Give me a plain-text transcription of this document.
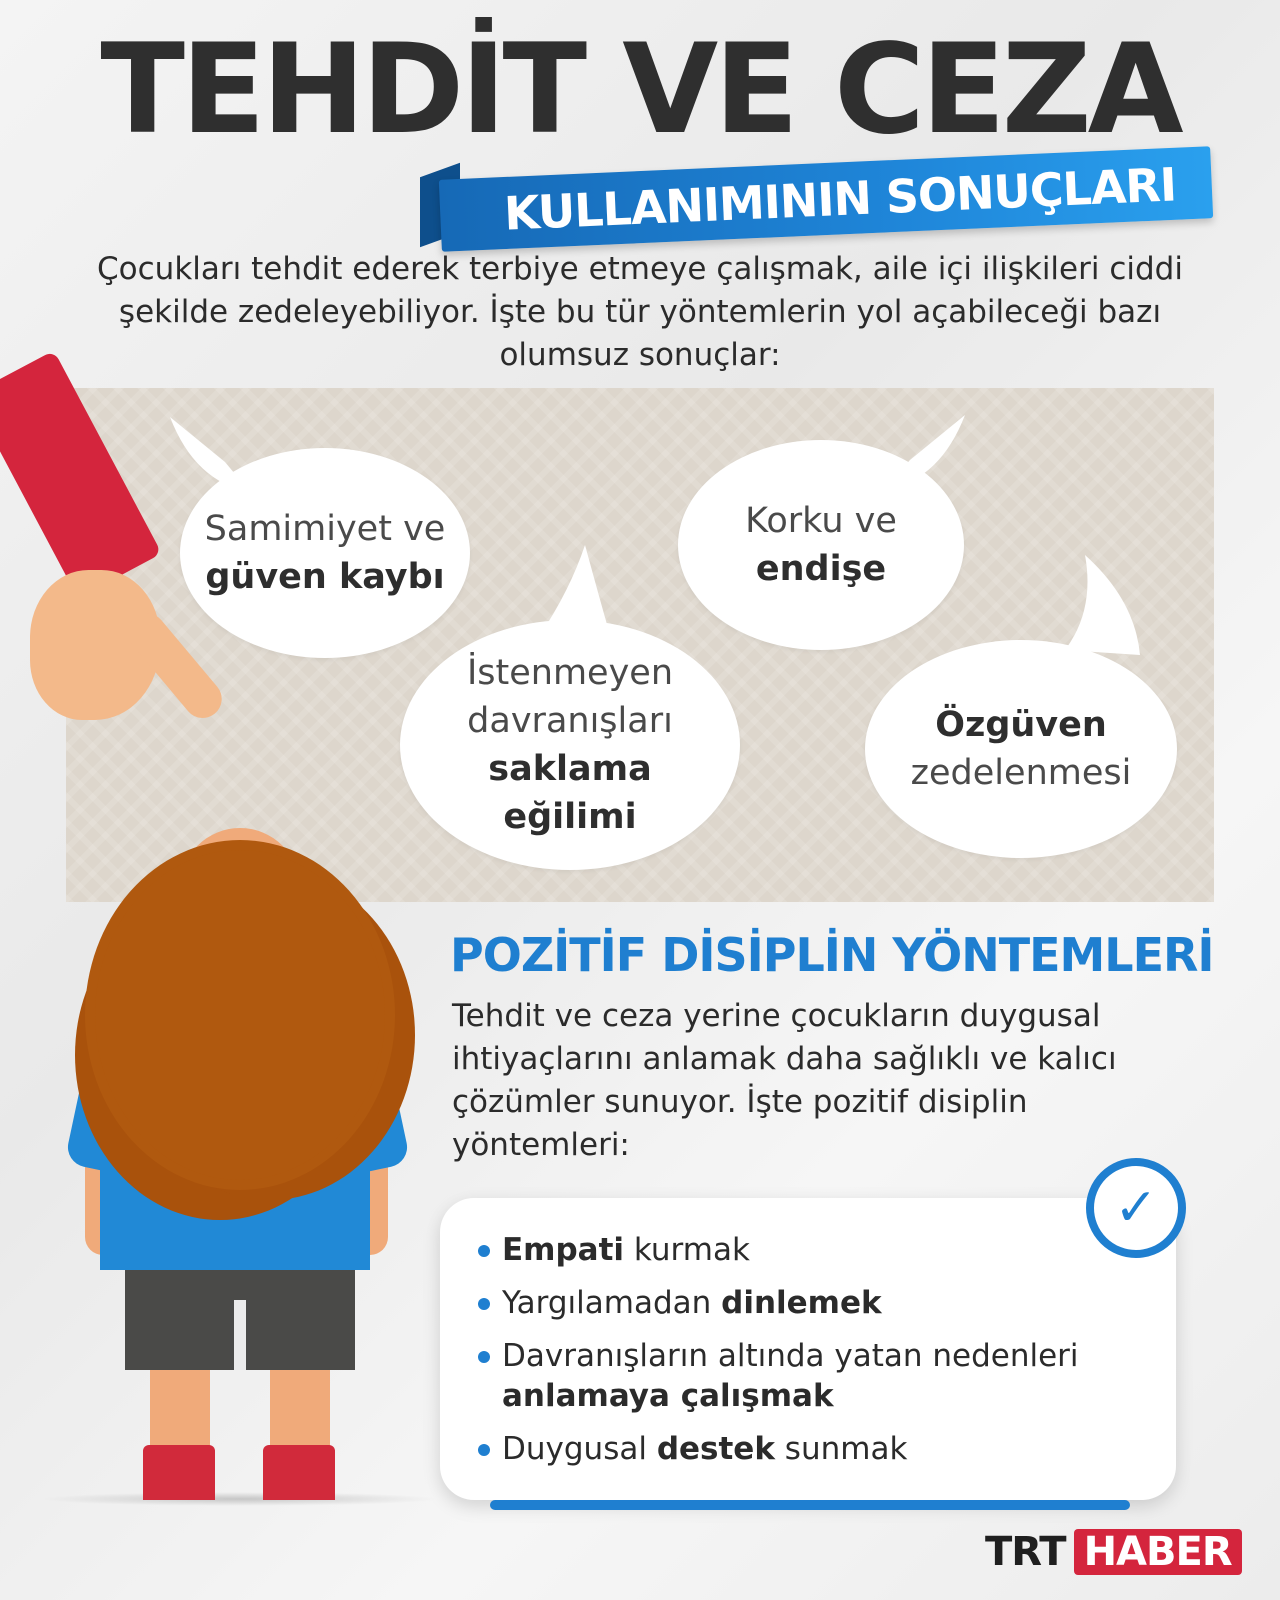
TEHDİT VE CEZA
KULLANIMININ SONUÇLARI
Çocukları tehdit ederek terbiye etmeye çalışmak, aile içi ilişkileri ciddi şekilde zedeleyebiliyor. İşte bu tür yöntemlerin yol açabileceği bazı olumsuz sonuçlar:
Samimiyet ve
güven kaybı
Korku ve
endişe
İstenmeyen davranışları
saklama eğilimi
Özgüven
zedelenmesi
POZİTİF DİSİPLİN YÖNTEMLERİ
Tehdit ve ceza yerine çocukların duygusal ihtiyaçlarını anlamak daha sağlıklı ve kalıcı çözümler sunuyor. İşte pozitif disiplin yöntemleri:
✓
Empati kurmak
Yargılamadan dinlemek
Davranışların altında yatan nedenleri anlamaya çalışmak
Duygusal destek sunmak
TRT HABER
